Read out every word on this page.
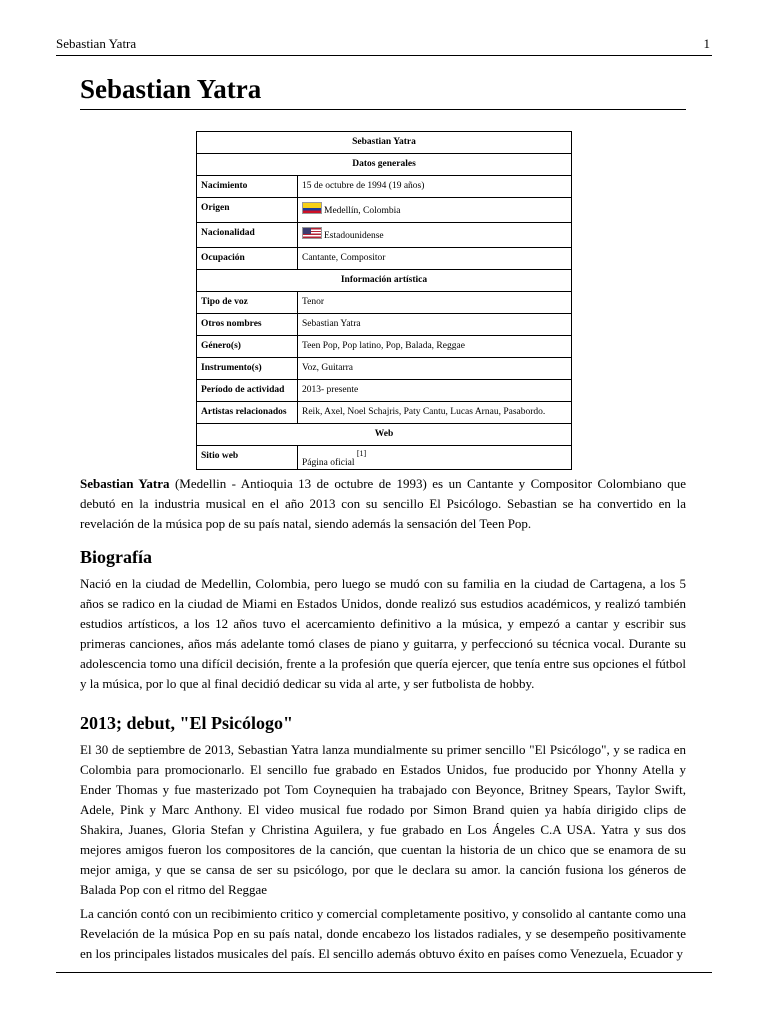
Sebastian Yatra	1
Sebastian Yatra
Sebastian Yatra	
Datos generales	
Nacimiento	15 de octubre de 1994 (19 años)
Origen	Medellín, Colombia
Nacionalidad	Estadounidense
Ocupación	Cantante, Compositor
Información artística	
Tipo de voz	Tenor
Otros nombres	Sebastian Yatra
Género(s)	Teen Pop, Pop latino, Pop, Balada, Reggae
Instrumento(s)	Voz, Guitarra
Período de actividad	2013- presente
Artistas relacionados	Reik, Axel, Noel Schajris, Paty Cantu, Lucas Arnau, Pasabordo.
Web	
Sitio web	Página oficial [1]

Sebastian Yatra (Medellin - Antioquia 13 de octubre de 1993) es un Cantante y Compositor Colombiano que debutó en la industria musical en el año 2013 con su sencillo El Psicólogo. Sebastian se ha convertido en la revelación de la música pop de su país natal, siendo además la sensación del Teen Pop.

Biografía

Nació en la ciudad de Medellin, Colombia, pero luego se mudó con su familia en la ciudad de Cartagena, a los 5 años se radico en la ciudad de Miami en Estados Unidos, donde realizó sus estudios académicos, y realizó también estudios artísticos, a los 12 años tuvo el acercamiento definitivo a la música, y empezó a cantar y escribir sus primeras canciones, años más adelante tomó clases de piano y guitarra, y perfeccionó su técnica vocal. Durante su adolescencia tomo una difícil decisión, frente a la profesión que quería ejercer, que tenía entre sus opciones el fútbol y la música, por lo que al final decidió dedicar su vida al arte, y ser futbolista de hobby.

2013; debut, "El Psicólogo"

El 30 de septiembre de 2013, Sebastian Yatra lanza mundialmente su primer sencillo "El Psicólogo", y se radica en Colombia para promocionarlo. El sencillo fue grabado en Estados Unidos, fue producido por Yhonny Atella y Ender Thomas y fue masterizado pot Tom Coynequien ha trabajado con Beyonce, Britney Spears, Taylor Swift, Adele, Pink y Marc Anthony. El video musical fue rodado por Simon Brand quien ya había dirigido clips de Shakira, Juanes, Gloria Stefan y Christina Aguilera, y fue grabado en Los Ángeles C.A USA. Yatra y sus dos mejores amigos fueron los compositores de la canción, que cuentan la historia de un chico que se enamora de su mejor amiga, y que se cansa de ser su psicólogo, por que le declara su amor. la canción fusiona los géneros de Balada Pop con el ritmo del Reggae

La canción contó con un recibimiento critico y comercial completamente positivo, y consolido al cantante como una Revelación de la música Pop en su país natal, donde encabezo los listados radiales, y se desempeño positivamente en los principales listados musicales del país. El sencillo además obtuvo éxito en países como Venezuela, Ecuador y
